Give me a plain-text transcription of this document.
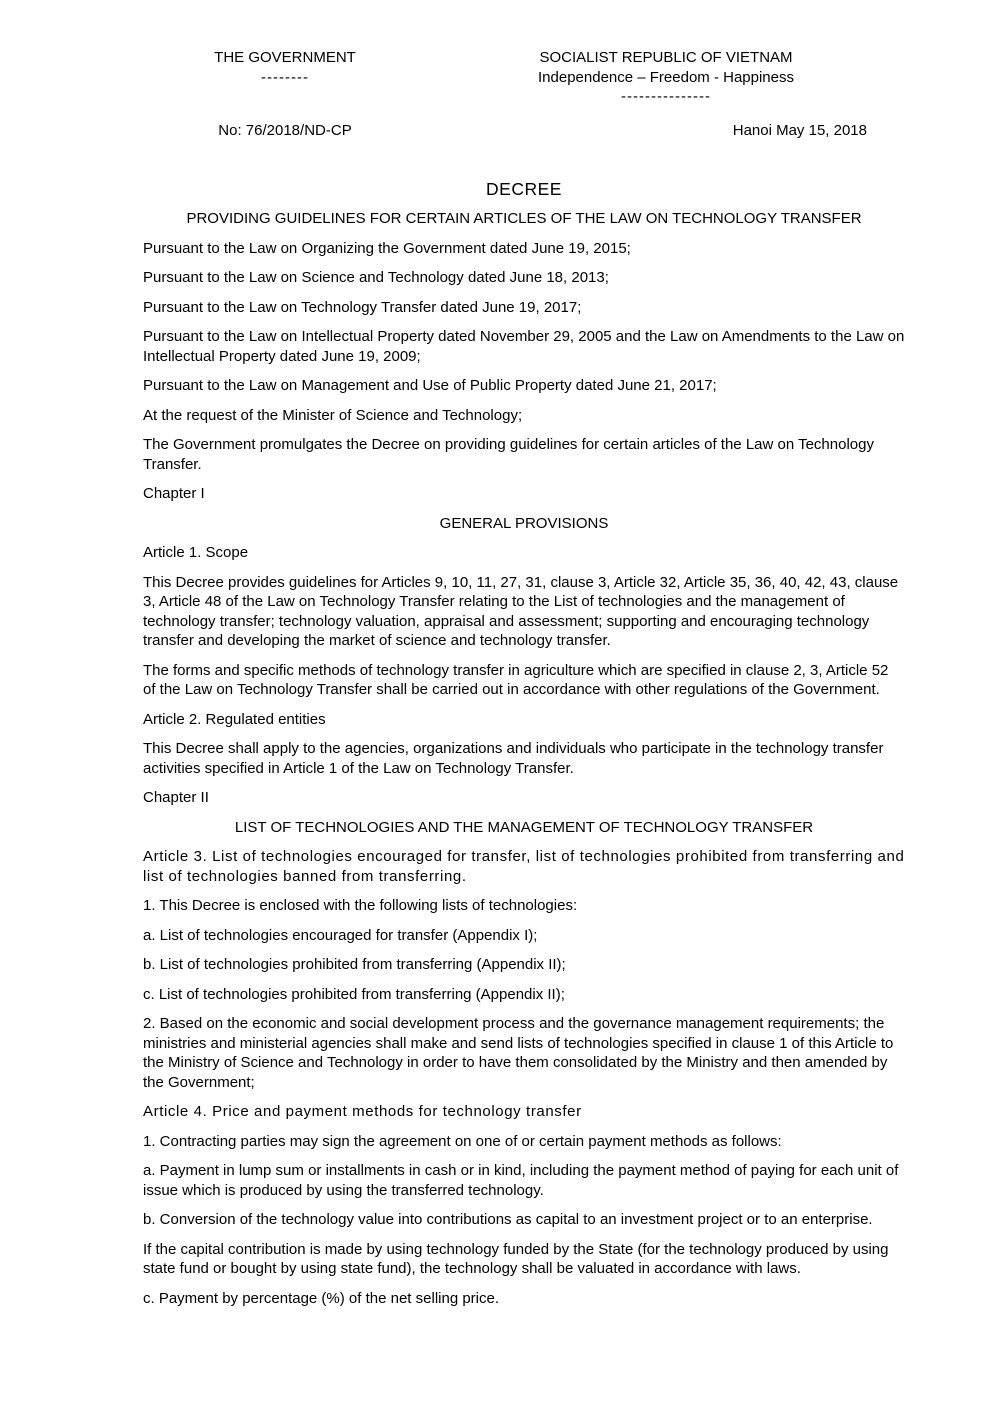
THE GOVERNMENT
--------
SOCIALIST REPUBLIC OF VIETNAM
Independence – Freedom - Happiness
---------------
No: 76/2018/ND-CP	Hanoi May 15, 2018
DECREE
PROVIDING GUIDELINES FOR CERTAIN ARTICLES OF THE LAW ON TECHNOLOGY TRANSFER

Pursuant to the Law on Organizing the Government dated June 19, 2015;

Pursuant to the Law on Science and Technology dated June 18, 2013;

Pursuant to the Law on Technology Transfer dated June 19, 2017;

Pursuant to the Law on Intellectual Property dated November 29, 2005 and the Law on Amendments to the Law on Intellectual Property dated June 19, 2009;

Pursuant to the Law on Management and Use of Public Property dated June 21, 2017;

At the request of the Minister of Science and Technology;

The Government promulgates the Decree on providing guidelines for certain articles of the Law on Technology Transfer.

Chapter I

GENERAL PROVISIONS

Article 1. Scope

This Decree provides guidelines for Articles 9, 10, 11, 27, 31, clause 3, Article 32, Article 35, 36, 40, 42, 43, clause 3, Article 48 of the Law on Technology Transfer relating to the List of technologies and the management of technology transfer; technology valuation, appraisal and assessment; supporting and encouraging technology transfer and developing the market of science and technology transfer.

The forms and specific methods of technology transfer in agriculture which are specified in clause 2, 3, Article 52 of the Law on Technology Transfer shall be carried out in accordance with other regulations of the Government.

Article 2. Regulated entities

This Decree shall apply to the agencies, organizations and individuals who participate in the technology transfer activities specified in Article 1 of the Law on Technology Transfer.

Chapter II

LIST OF TECHNOLOGIES AND THE MANAGEMENT OF TECHNOLOGY TRANSFER

Article 3. List of technologies encouraged for transfer, list of technologies prohibited from transferring and list of technologies banned from transferring.

1. This Decree is enclosed with the following lists of technologies:

a. List of technologies encouraged for transfer (Appendix I);

b. List of technologies prohibited from transferring (Appendix II);

c. List of technologies prohibited from transferring (Appendix II);

2. Based on the economic and social development process and the governance management requirements; the ministries and ministerial agencies shall make and send lists of technologies specified in clause 1 of this Article to the Ministry of Science and Technology in order to have them consolidated by the Ministry and then amended by the Government;

Article 4. Price and payment methods for technology transfer

1. Contracting parties may sign the agreement on one of or certain payment methods as follows:

a. Payment in lump sum or installments in cash or in kind, including the payment method of paying for each unit of issue which is produced by using the transferred technology.

b. Conversion of the technology value into contributions as capital to an investment project or to an enterprise.

If the capital contribution is made by using technology funded by the State (for the technology produced by using state fund or bought by using state fund), the technology shall be valuated in accordance with laws.

c. Payment by percentage (%) of the net selling price.
